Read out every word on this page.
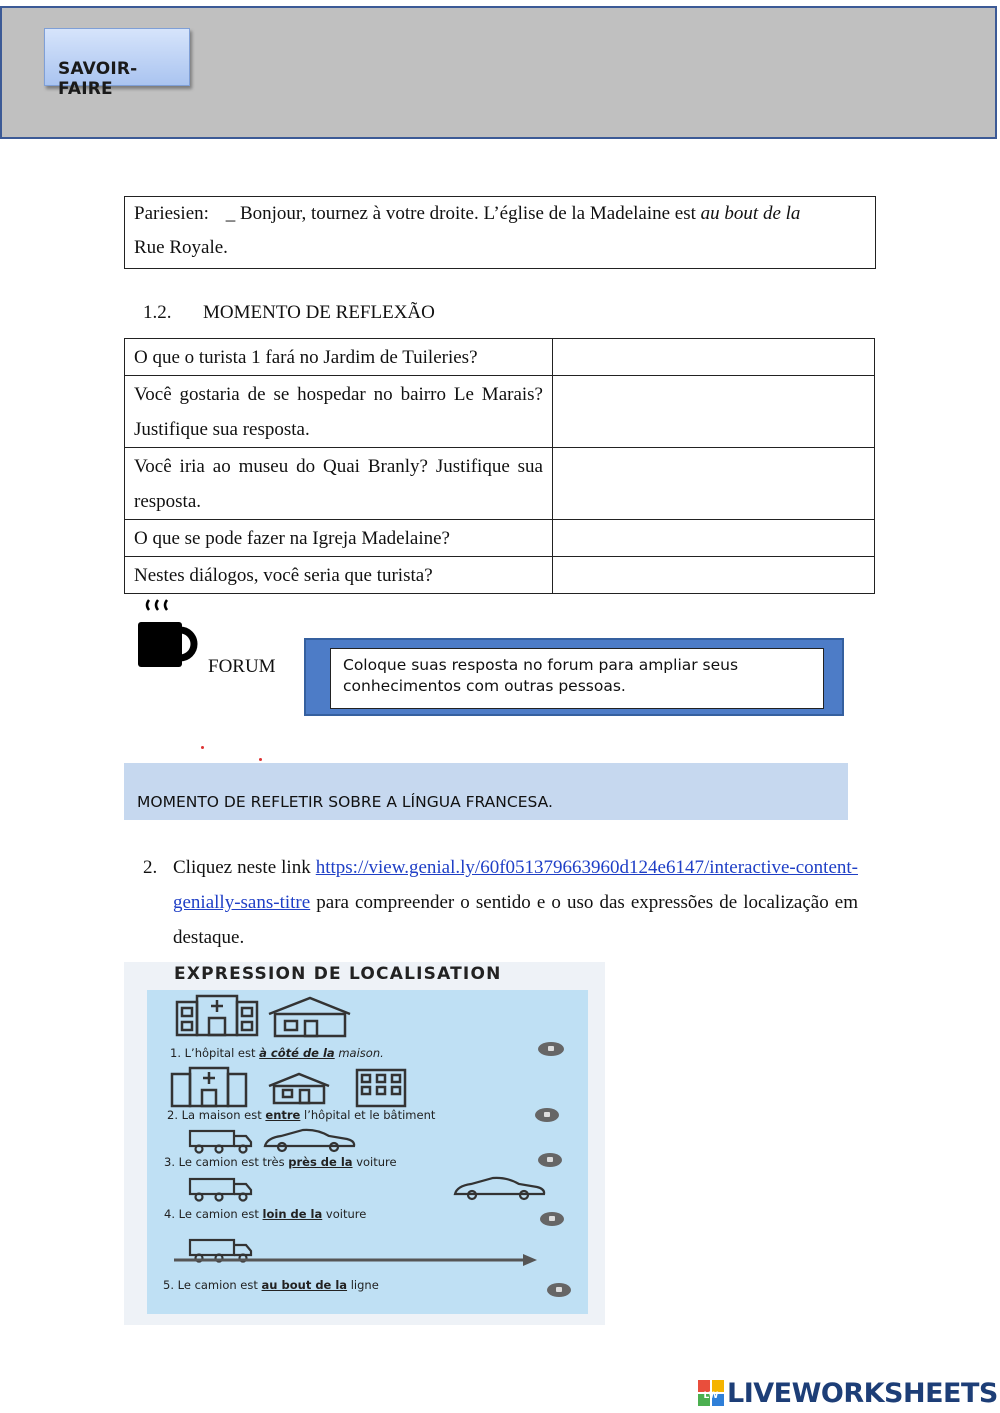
SAVOIR-FAIRE
Pariesien: _ Bonjour, tournez à votre droite. L’église de la Madelaine est au bout de la
Rue Royale.
1.2. MOMENTO DE REFLEXÃO
O que o turista 1 fará no Jardim de Tuileries?	
Você gostaria de se hospedar no bairro Le Marais? Justifique sua resposta.	
Você iria ao museu do Quai Branly? Justifique sua resposta.	
O que se pode fazer na Igreja Madelaine?	
Nestes diálogos, você seria que turista?	
FORUM	Coloque suas resposta no forum para ampliar seus conhecimentos com outras pessoas.
MOMENTO DE REFLETIR SOBRE A LÍNGUA FRANCESA.
2. Cliquez neste link https://view.genial.ly/60f051379663960d124e6147/interactive-content-genially-sans-titre para compreender o sentido e o uso das expressões de localização em destaque.
EXPRESSION DE LOCALISATION
1. L’hôpital est à côté de la maison.
2. La maison est entre l’hôpital et le bâtiment
3. Le camion est très près de la voiture
4. Le camion est loin de la voiture
5. Le camion est au bout de la ligne
LW LIVEWORKSHEETS
